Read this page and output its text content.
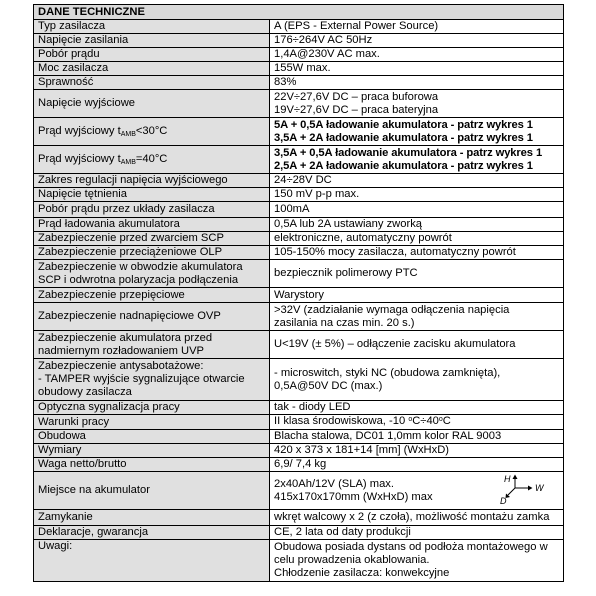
DANE TECHNICZNE	
Typ zasilacza	A (EPS - External Power Source)
Napięcie zasilania	176÷264V AC 50Hz
Pobór prądu	1,4A@230V AC max.
Moc zasilacza	155W max.
Sprawność	83%
Napięcie wyjściowe	22V÷27,6V DC – praca buforowa
19V÷27,6V DC – praca bateryjna

Prąd wyjściowy tAMB<30°C	5A + 0,5A ładowanie akumulatora - patrz wykres 1
3,5A + 2A ładowanie akumulatora - patrz wykres 1

Prąd wyjściowy tAMB=40°C	3,5A + 0,5A ładowanie akumulatora - patrz wykres 1
2,5A + 2A ładowanie akumulatora - patrz wykres 1

Zakres regulacji napięcia wyjściowego	24÷28V DC
Napięcie tętnienia	150 mV p-p max.
Pobór prądu przez układy zasilacza	100mA
Prąd ładowania akumulatora	0,5A lub 2A ustawiany zworką
Zabezpieczenie przed zwarciem SCP	elektroniczne, automatyczny powrót
Zabezpieczenie przeciążeniowe OLP	105-150% mocy zasilacza, automatyczny powrót

Zabezpieczenie w obwodzie akumulatora
SCP i odwrotna polaryzacja podłączenia	bezpiecznik polimerowy PTC
Zabezpieczenie przepięciowe	Warystory
Zabezpieczenie nadnapięciowe OVP	>32V (zadziałanie wymaga odłączenia napięcia
zasilania na czas min. 20 s.)

Zabezpieczenie akumulatora przed
nadmiernym rozładowaniem UVP	U<19V (± 5%) – odłączenie zacisku akumulatora

Zabezpieczenie antysabotażowe:
- TAMPER wyjście sygnalizujące otwarcie
obudowy zasilacza	- microswitch, styki NC (obudowa zamknięta),
0,5A@50V DC (max.)

Optyczna sygnalizacja pracy	tak - diody LED
Warunki pracy	II klasa środowiskowa, -10 $^oC\div 40^oC$
Obudowa	Blacha stalowa, DC01 1,0mm kolor RAL 9003
Wymiary	420 x 373 x 181+14 [mm] (WxHxD)
Waga netto/brutto	6,9/ 7,4 kg
Miejsce na akumulator	2x40Ah/12V (SLA) max.
415x170x170mm (WxHxD) max
H
W
D

Zamykanie	wkręt walcowy x 2 (z czoła), możliwość montażu zamka
Deklaracje, gwarancja	CE, 2 lata od daty produkcji
Uwagi:	Obudowa posiada dystans od podłoża montażowego w
celu prowadzenia okablowania.
Chłodzenie zasilacza: konwekcyjne
